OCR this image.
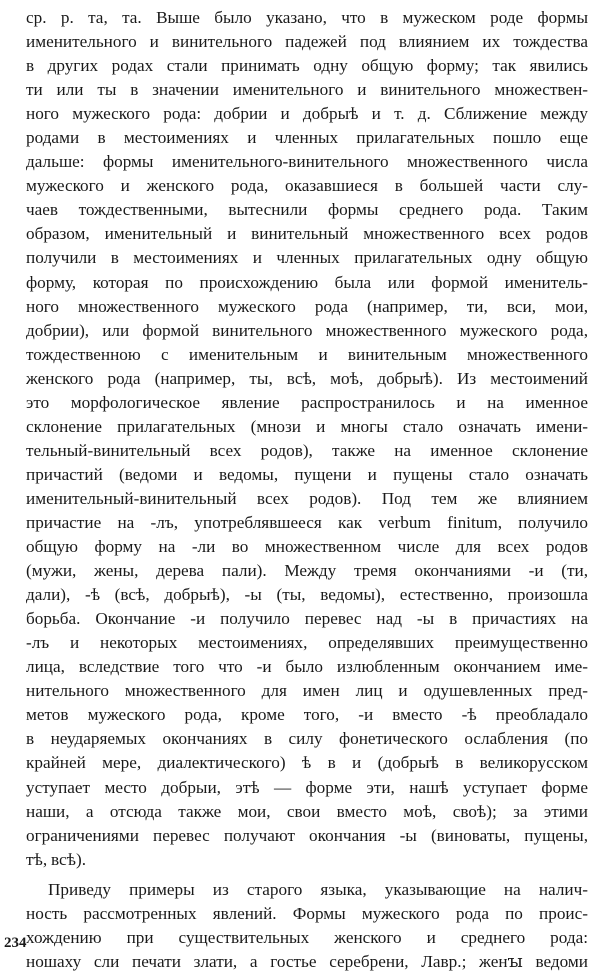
ср. р. та, та. Выше было указано, что в мужеском роде формы
именительного и винительного падежей под влиянием их тождества
в других родах стали принимать одну общую форму; так явились
ти или ты в значении именительного и винительного множествен-
ного мужеского рода: добрии и добрыѣ и т. д. Сближение между
родами в местоимениях и членных прилагательных пошло еще
дальше: формы именительного-винительного множественного числа
мужеского и женского рода, оказавшиеся в большей части слу-
чаев тождественными, вытеснили формы среднего рода. Таким
образом, именительный и винительный множественного всех родов
получили в местоимениях и членных прилагательных одну общую
форму, которая по происхождению была или формой именитель-
ного множественного мужеского рода (например, ти, вси, мои,
добрии), или формой винительного множественного мужеского рода,
тождественною с именительным и винительным множественного
женского рода (например, ты, всѣ, моѣ, добрыѣ). Из местоимений
это морфологическое явление распространилось и на именное
склонение прилагательных (мнози и многы стало означать имени-
тельный-винительный всех родов), также на именное склонение
причастий (ведоми и ведомы, пущени и пущены стало означать
именительный-винительный всех родов). Под тем же влиянием
причастие на -лъ, употреблявшееся как verbum finitum, получило
общую форму на -ли во множественном числе для всех родов
(мужи, жены, дерева пали). Между тремя окончаниями -и (ти,
дали), -ѣ (всѣ, добрыѣ), -ы (ты, ведомы), естественно, произошла
борьба. Окончание -и получило перевес над -ы в причастиях на
-лъ и некоторых местоимениях, определявших преимущественно
лица, вследствие того что -и было излюбленным окончанием име-
нительного множественного для имен лиц и одушевленных пред-
метов мужеского рода, кроме того, -и вместо -ѣ преобладало
в неударяемых окончаниях в силу фонетического ослабления (по
крайней мере, диалектического) ѣ в и (добрыѣ в великорусском
уступает место добрыи, этѣ — форме эти, нашѣ уступает форме
наши, а отсюда также мои, свои вместо моѣ, своѣ); за этими
ограничениями перевес получают окончания -ы (виноваты, пущены,
тѣ, всѣ).
Приведу примеры из старого языка, указывающие на налич-
ность рассмотренных явлений. Формы мужеского рода по проис-
хождению при существительных женского и среднего рода:
ношаху сли печати злати, а гостье серебрени, Лавр.; женꙑ ведоми
234
